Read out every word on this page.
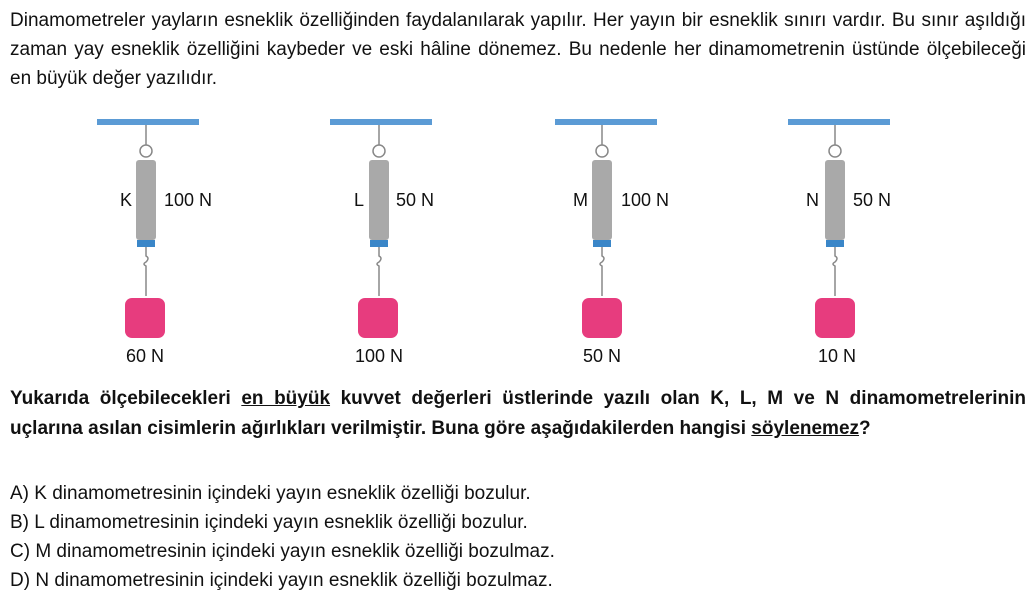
Dinamometreler yayların esneklik özelliğinden faydalanılarak yapılır. Her yayın bir esneklik sınırı vardır. Bu sınır aşıldığı zaman yay esneklik özelliğini kaybeder ve eski hâline dönemez. Bu nedenle her dinamometrenin üstünde ölçebileceği en büyük değer yazılıdır.

K 100 N
60 N
L 50 N
100 N
M 100 N
50 N
N 50 N
10 N

Yukarıda ölçebilecekleri en büyük kuvvet değerleri üstlerinde yazılı olan K, L, M ve N dinamometrelerinin uçlarına asılan cisimlerin ağırlıkları verilmiştir. Buna göre aşağıdakilerden hangisi söylenemez?

A) K dinamometresinin içindeki yayın esneklik özelliği bozulur.
B) L dinamometresinin içindeki yayın esneklik özelliği bozulur.
C) M dinamometresinin içindeki yayın esneklik özelliği bozulmaz.
D) N dinamometresinin içindeki yayın esneklik özelliği bozulmaz.
